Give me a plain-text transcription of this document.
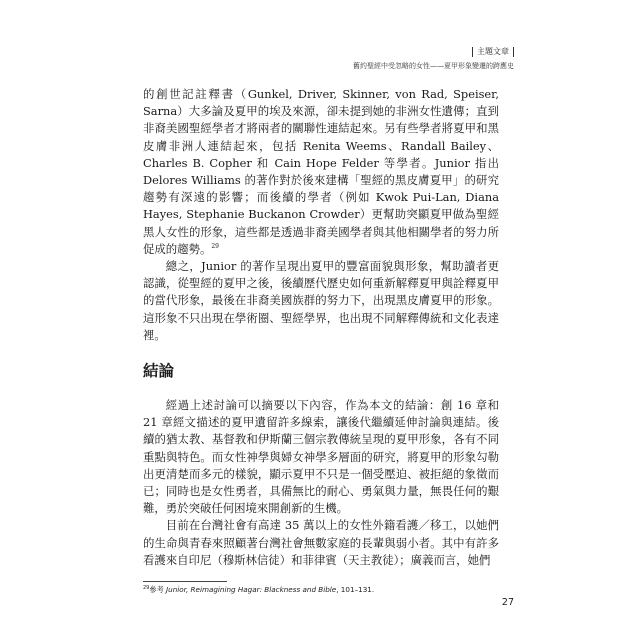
主題文章
舊約聖經中受忽略的女性——夏甲形象變遷的跨應史

的創世記註釋書（Gunkel, Driver, Skinner, von Rad, Speiser, Sarna）大多論及夏甲的埃及來源，卻未提到她的非洲女性遺傳；直到非裔美國聖經學者才將兩者的關聯性連結起來。另有些學者將夏甲和黑皮膚非洲人連結起來，包括 Renita Weems、Randall Bailey、Charles B. Copher 和 Cain Hope Felder 等學者。Junior 指出 Delores Williams 的著作對於後來建構「聖經的黑皮膚夏甲」的研究趨勢有深遠的影響；而後續的學者（例如 Kwok Pui-Lan, Diana Hayes, Stephanie Buckanon Crowder）更幫助突顯夏甲做為聖經黑人女性的形象，這些都是透過非裔美國學者與其他相關學者的努力所促成的趨勢。$^{29}$

總之，Junior 的著作呈現出夏甲的豐富面貌與形象，幫助讀者更認識，從聖經的夏甲之後，後續歷代歷史如何重新解釋夏甲與詮釋夏甲的當代形象，最後在非裔美國族群的努力下，出現黑皮膚夏甲的形象。這形象不只出現在學術圈、聖經學界，也出現不同解釋傳統和文化表達裡。

結論

經過上述討論可以摘要以下內容，作為本文的結論：創 16 章和 21 章經文描述的夏甲遺留許多線索，讓後代繼續延伸討論與連結。後續的猶太教、基督教和伊斯蘭三個宗教傳統呈現的夏甲形象，各有不同重點與特色。而女性神學與婦女神學多層面的研究，將夏甲的形象勾勒出更清楚而多元的樣貌，顯示夏甲不只是一個受壓迫、被拒絕的象徵而已；同時也是女性勇者，具備無比的耐心、勇氣與力量，無畏任何的艱難，勇於突破任何困境來開創新的生機。

目前在台灣社會有高達 35 萬以上的女性外籍看護／移工，以她們的生命與青春來照顧著台灣社會無數家庭的長輩與弱小者。其中有許多看護來自印尼（穆斯林信徒）和菲律賓（天主教徒）；廣義而言，她們

$^{29}$參考 Junior, Reimagining Hagar: Blackness and Bible, 101–131.
27
